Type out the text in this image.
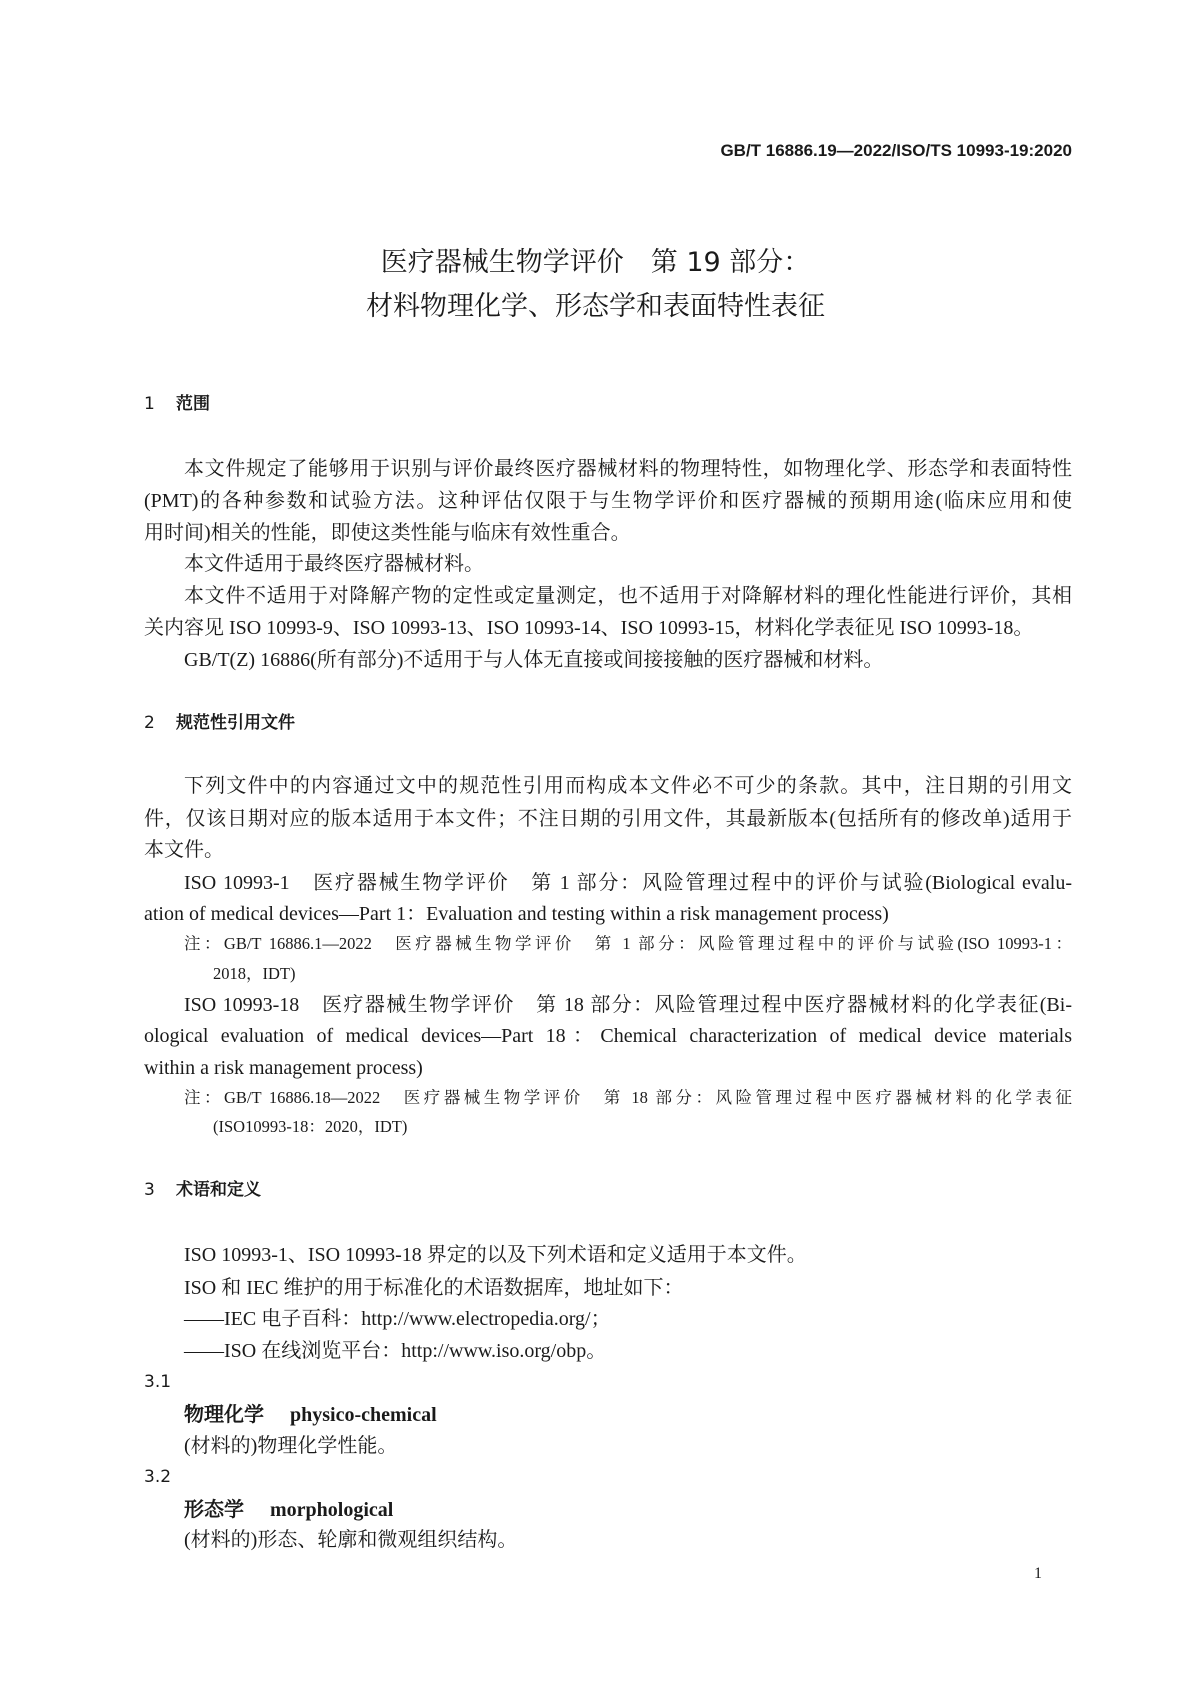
GB/T 16886.19—2022/ISO/TS 10993-19:2020
医疗器械生物学评价　第 19 部分：
材料物理化学、形态学和表面特性表征
1 范围
本文件规定了能够用于识别与评价最终医疗器械材料的物理特性，如物理化学、形态学和表面特性
(PMT)的各种参数和试验方法。这种评估仅限于与生物学评价和医疗器械的预期用途(临床应用和使
用时间)相关的性能，即使这类性能与临床有效性重合。
本文件适用于最终医疗器械材料。
本文件不适用于对降解产物的定性或定量测定，也不适用于对降解材料的理化性能进行评价，其相
关内容见 ISO 10993-9、ISO 10993-13、ISO 10993-14、ISO 10993-15，材料化学表征见 ISO 10993-18。
GB/T(Z) 16886(所有部分)不适用于与人体无直接或间接接触的医疗器械和材料。
2 规范性引用文件
下列文件中的内容通过文中的规范性引用而构成本文件必不可少的条款。其中，注日期的引用文
件，仅该日期对应的版本适用于本文件；不注日期的引用文件，其最新版本(包括所有的修改单)适用于
本文件。
ISO 10993-1　医疗器械生物学评价　第 1 部分：风险管理过程中的评价与试验(Biological evalu-
ation of medical devices—Part 1：Evaluation and testing within a risk management process)
注：GB/T 16886.1—2022　医疗器械生物学评价　第 1 部分：风险管理过程中的评价与试验(ISO 10993-1：
2018，IDT)
ISO 10993-18　医疗器械生物学评价　第 18 部分：风险管理过程中医疗器械材料的化学表征(Bi-
ological evaluation of medical devices—Part 18：Chemical characterization of medical device materials
within a risk management process)
注：GB/T 16886.18—2022　医疗器械生物学评价　第 18 部分：风险管理过程中医疗器械材料的化学表征
(ISO10993-18：2020，IDT)
3 术语和定义
ISO 10993-1、ISO 10993-18 界定的以及下列术语和定义适用于本文件。
ISO 和 IEC 维护的用于标准化的术语数据库，地址如下：
——IEC 电子百科：http://www.electropedia.org/；
——ISO 在线浏览平台：http://www.iso.org/obp。
3.1
物理化学 physico-chemical
(材料的)物理化学性能。
3.2
形态学 morphological
(材料的)形态、轮廓和微观组织结构。
1
